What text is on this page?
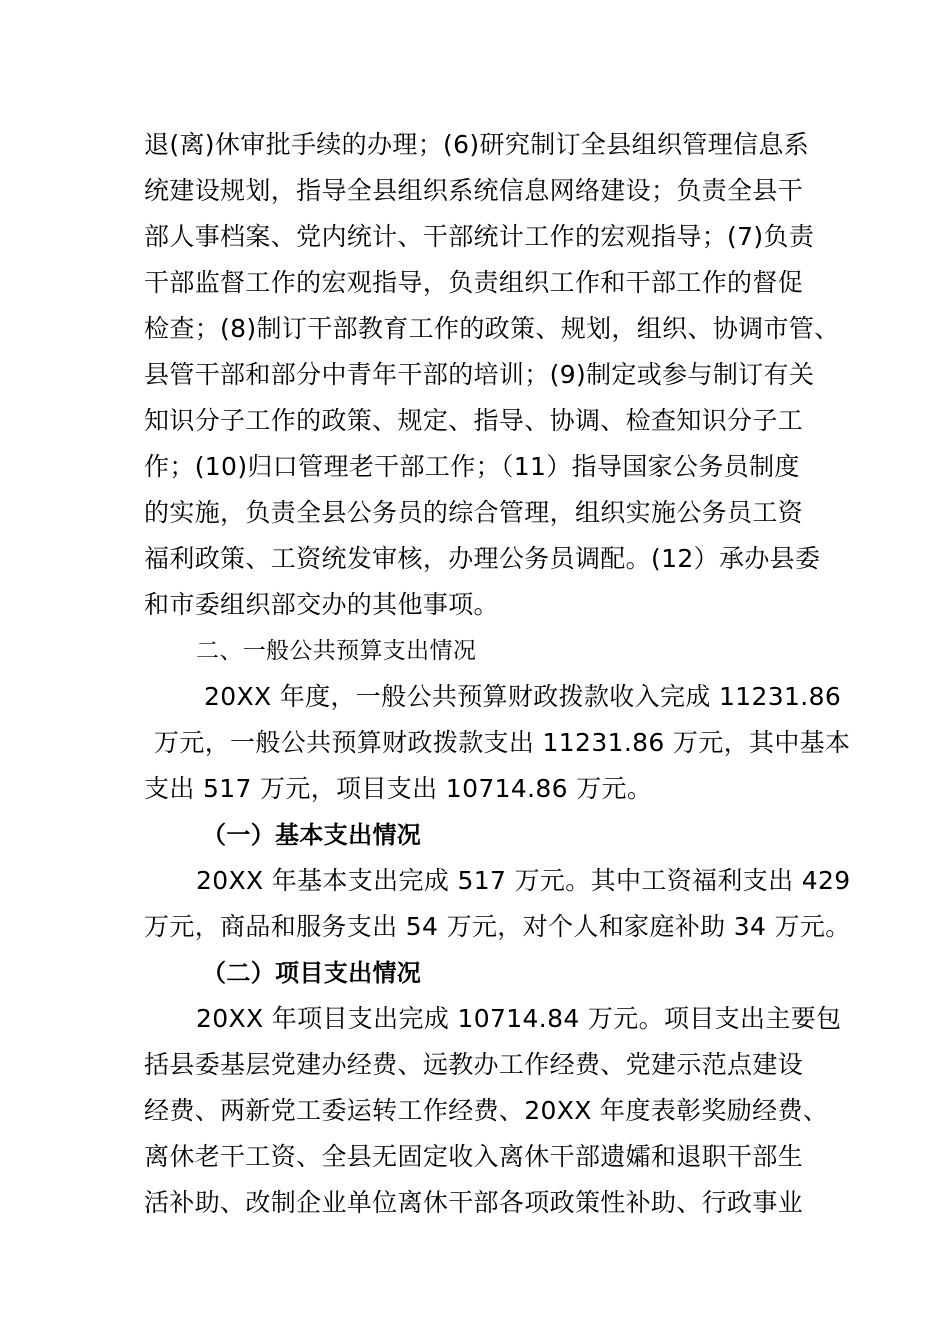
退(离)休审批手续的办理；(6)研究制订全县组织管理信息系
统建设规划，指导全县组织系统信息网络建设；负责全县干
部人事档案、党内统计、干部统计工作的宏观指导；(7)负责
干部监督工作的宏观指导，负责组织工作和干部工作的督促
检查；(8)制订干部教育工作的政策、规划，组织、协调市管、
县管干部和部分中青年干部的培训；(9)制定或参与制订有关
知识分子工作的政策、规定、指导、协调、检查知识分子工
作；(10)归口管理老干部工作；（11）指导国家公务员制度
的实施，负责全县公务员的综合管理，组织实施公务员工资
福利政策、工资统发审核，办理公务员调配。(12）承办县委
和市委组织部交办的其他事项。
二、一般公共预算支出情况
20XX 年度，一般公共预算财政拨款收入完成 11231.86
万元，一般公共预算财政拨款支出 11231.86 万元，其中基本
支出 517 万元，项目支出 10714.86 万元。
（一）基本支出情况
20XX 年基本支出完成 517 万元。其中工资福利支出 429
万元，商品和服务支出 54 万元，对个人和家庭补助 34 万元。
（二）项目支出情况
20XX 年项目支出完成 10714.84 万元。项目支出主要包
括县委基层党建办经费、远教办工作经费、党建示范点建设
经费、两新党工委运转工作经费、20XX 年度表彰奖励经费、
离休老干工资、全县无固定收入离休干部遗孀和退职干部生
活补助、改制企业单位离休干部各项政策性补助、行政事业
